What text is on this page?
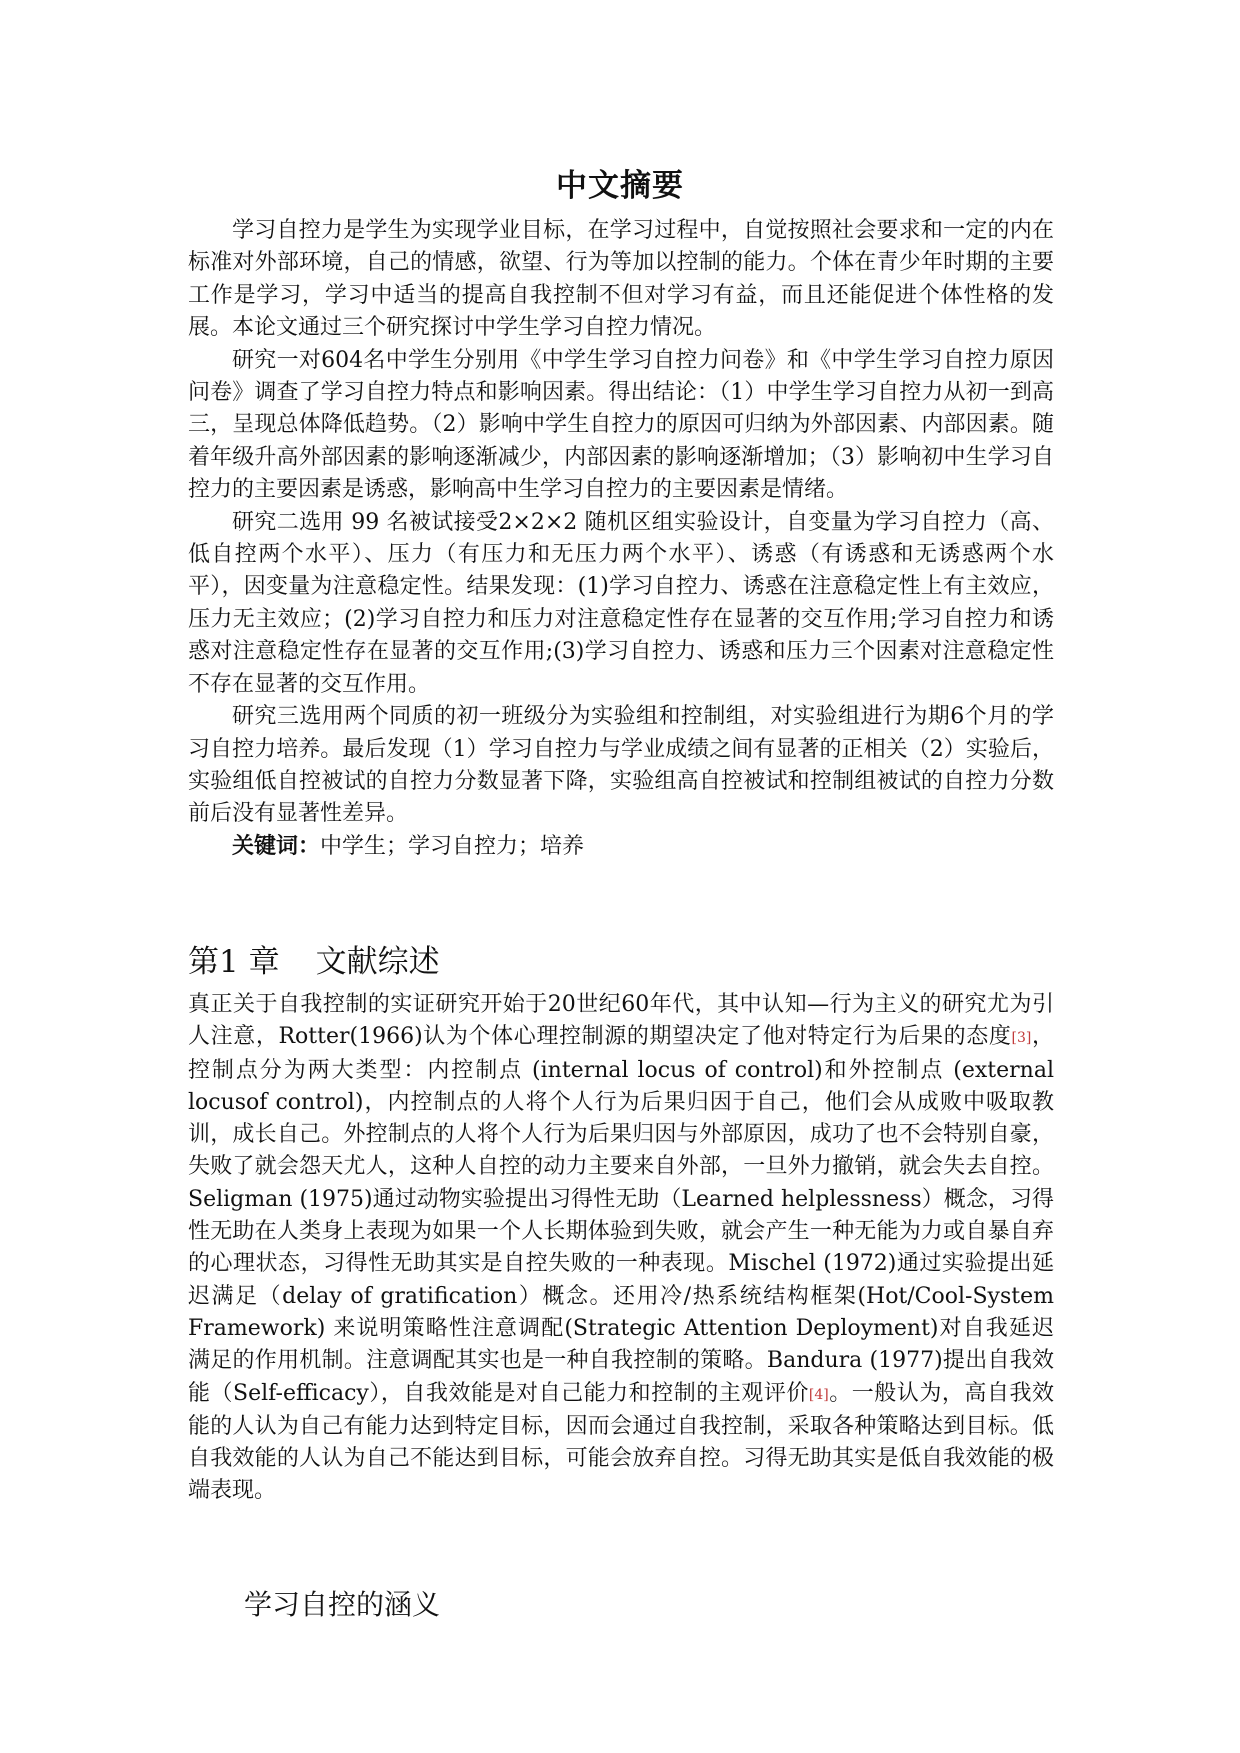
中文摘要

学习自控力是学生为实现学业目标，在学习过程中，自觉按照社会要求和一定的内在标准对外部环境，自己的情感，欲望、行为等加以控制的能力。个体在青少年时期的主要工作是学习，学习中适当的提高自我控制不但对学习有益，而且还能促进个体性格的发展。本论文通过三个研究探讨中学生学习自控力情况。

研究一对604名中学生分别用《中学生学习自控力问卷》和《中学生学习自控力原因问卷》调查了学习自控力特点和影响因素。得出结论：（1）中学生学习自控力从初一到高三，呈现总体降低趋势。（2）影响中学生自控力的原因可归纳为外部因素、内部因素。随着年级升高外部因素的影响逐渐减少，内部因素的影响逐渐增加；（3）影响初中生学习自控力的主要因素是诱惑，影响高中生学习自控力的主要因素是情绪。

研究二选用 99 名被试接受2×2×2 随机区组实验设计，自变量为学习自控力（高、低自控两个水平）、压力（有压力和无压力两个水平）、诱惑（有诱惑和无诱惑两个水平），因变量为注意稳定性。结果发现：(1)学习自控力、诱惑在注意稳定性上有主效应，压力无主效应；(2)学习自控力和压力对注意稳定性存在显著的交互作用;学习自控力和诱惑对注意稳定性存在显著的交互作用;(3)学习自控力、诱惑和压力三个因素对注意稳定性不存在显著的交互作用。

研究三选用两个同质的初一班级分为实验组和控制组，对实验组进行为期6个月的学习自控力培养。最后发现（1）学习自控力与学业成绩之间有显著的正相关（2）实验后，实验组低自控被试的自控力分数显著下降，实验组高自控被试和控制组被试的自控力分数前后没有显著性差异。

关键词：中学生；学习自控力；培养

第1 章 文献综述

真正关于自我控制的实证研究开始于20世纪60年代，其中认知—行为主义的研究尤为引人注意，Rotter(1966)认为个体心理控制源的期望决定了他对特定行为后果的态度[3]，控制点分为两大类型：内控制点 (internal locus of control)和外控制点 (external locusof control)，内控制点的人将个人行为后果归因于自己，他们会从成败中吸取教训，成长自己。外控制点的人将个人行为后果归因与外部原因，成功了也不会特别自豪，失败了就会怨天尤人，这种人自控的动力主要来自外部，一旦外力撤销，就会失去自控。Seligman (1975)通过动物实验提出习得性无助（Learned helplessness）概念，习得性无助在人类身上表现为如果一个人长期体验到失败，就会产生一种无能为力或自暴自弃的心理状态，习得性无助其实是自控失败的一种表现。Mischel (1972)通过实验提出延迟满足（delay of gratification）概念。还用冷/热系统结构框架(Hot/Cool-System Framework) 来说明策略性注意调配(Strategic Attention Deployment)对自我延迟满足的作用机制。注意调配其实也是一种自我控制的策略。Bandura (1977)提出自我效能（Self-efficacy），自我效能是对自己能力和控制的主观评价[4]。一般认为，高自我效能的人认为自己有能力达到特定目标，因而会通过自我控制，采取各种策略达到目标。低自我效能的人认为自己不能达到目标，可能会放弃自控。习得无助其实是低自我效能的极端表现。

学习自控的涵义
